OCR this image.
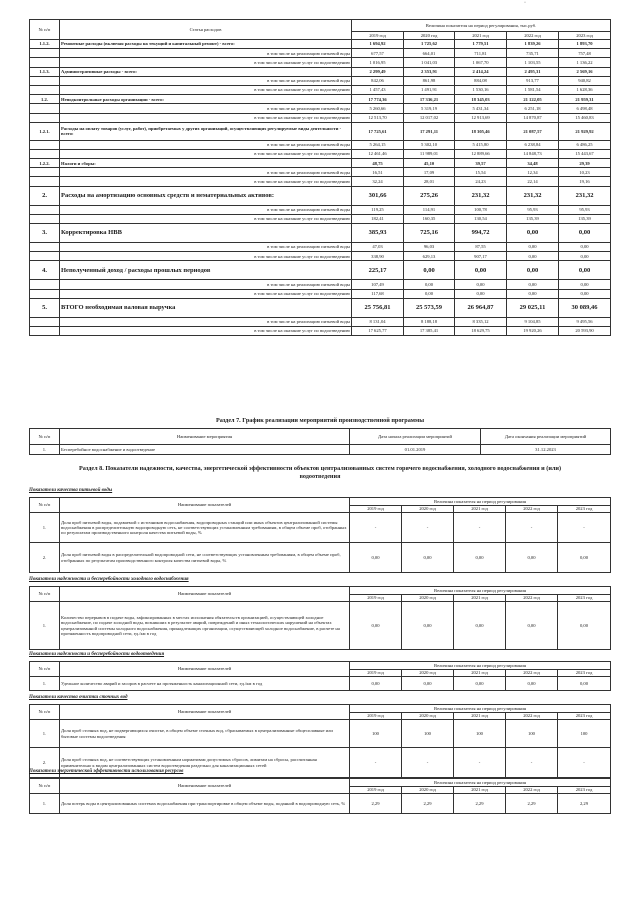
·
№ п/п	Статья расходов	Величина показателя на период регулирования, тыс.руб.				
		2019 год	2020 год	2021 год	2022 год	2023 год
1.1.2.	Ремонтные расходы (включая расходы на текущий и капитальный ремонт) - всего:	1 694,92	1 725,62	1 779,51	1 839,26	1 893,70
	в том числе на реализацию питьевой воды	677,57	664,01	711,81	735,71	757,48
	в том числе на оказание услуг по водоотведению	1 016,95	1 041,03	1 067,70	1 103,55	1 136,22
1.1.3.	Административные расходы - всего:	2 299,49	2 353,91	2 414,24	2 495,31	2 569,16
	в том числе на реализацию питьевой воды	842,06	861,98	884,08	913,77	940,82
	в том числе на оказание услуг по водоотведению	1 457,43	1 491,91	1 530,16	1 581,54	1 628,36
1.2.	Неподконтрольные расходы организации - всего:	17 774,36	17 336,21	18 345,03	21 122,05	21 959,31
	в том числе на реализацию питьевой воды	5 260,66	5 319,19	5 431,34	6 251,18	6 498,48
	в том числе на оказание услуг по водоотведению	12 513,70	12 017,02	12 913,69	14 870,87	15 460,83
1.2.1.	Расходы на оплату товаров (услуг, работ), приобретаемых у других организаций, осуществляющих регулируемые виды деятельности - всего:	17 725,61	17 291,11	18 305,46	21 087,57	21 929,92
	в том числе на реализацию питьевой воды	5 264,15	5 302,10	5 415,80	6 238,84	6 486,25
	в том числе на оказание услуг по водоотведению	12 461,46	11 989,01	12 889,66	14 848,73	15 443,67
1.2.2.	Налоги и сборы:	48,75	45,10	39,57	34,48	29,39
	в том числе на реализацию питьевой воды	16,51	17,09	15,54	12,34	10,23
	в том числе на оказание услуг по водоотведению	32,24	28,01	24,23	22,14	19,16
2.	Расходы на амортизацию основных средств и нематериальных активов:	301,66	275,26	231,32	231,32	231,32
	в том числе на реализацию питьевой воды	119,25	114,91	100,78	95,93	95,93
	в том числе на оказание услуг по водоотведению	182,41	160,35	130,54	135,39	135,39
3.	Корректировка НВВ	385,93	725,16	994,72	0,00	0,00
	в том числе на реализацию питьевой воды	47,03	96,03	87,55	0,00	0,00
	в том числе на оказание услуг по водоотведению	338,90	629,13	907,17	0,00	0,00
4.	Неполученный доход / расходы прошлых периодов	225,17	0,00	0,00	0,00	0,00
	в том числе на реализацию питьевой воды	107,49	0,00	0,00	0,00	0,00
	в том числе на оказание услуг по водоотведению	117,68	0,00	0,00	0,00	0,00
5.	ВТОГО необходимая валовая выручка	25 756,81	25 573,59	26 964,87	29 025,11	30 089,46
	в том числе на реализацию питьевой воды	8 131,04	8 188,18	8 335,12	9 104,85	9 495,56
	в том числе на оказание услуг по водоотведению	17 625,77	17 385,41	18 629,75	19 920,26	20 593,90
Раздел 7. График реализации мероприятий производственной программы
№ п/п	Наименование мероприятия	Дата начала реализации мероприятий	Дата окончания реализации мероприятий
1.	Бесперебойное водоснабжение и водоотведение	01.01.2019	31.12.2023
Раздел 8. Показатели надежности, качества, энергетической эффективности объектов централизованных систем горячего водоснабжения, холодного водоснабжения и (или) водоотведения
Показатели качества питьевой воды
№ п/п	Наименование показателей	Величина показателя на период регулирования				
		2019 год	2020 год	2021 год	2022 год	2023 год
1.	Доля проб питьевой воды, подаваемой с источников водоснабжения, водопроводных станций или иных объектов централизованной системы водоснабжения в распределительную водопроводную сеть, не соответствующих установленным требованиям, в общем объеме проб, отобранных по результатам производственного контроля качества питьевой воды, %	-	-	-	-	-
2.	Доля проб питьевой воды в распределительной водопроводной сети, не соответствующих установленным требованиям, в общем объеме проб, отобранных по результатам производственного контроля качества питьевой воды, %	0,00	0,00	0,00	0,00	0,00
Показатели надежности и бесперебойности холодного водоснабжения
№ п/п	Наименование показателей	Величина показателя на период регулирования				
		2019 год	2020 год	2021 год	2022 год	2023 год
1.	Количество перерывов в подаче воды, зафиксированных в местах исполнения обязательств организацией, осуществляющей холодное водоснабжение, по подаче холодной воды, возникших в результате аварий, повреждений и иных технологических нарушений на объектах централизованной системы холодного водоснабжения, принадлежащих организации, осуществляющей холодное водоснабжение, в расчете на протяженность водопроводной сети, ед./км в год	0,00	0,00	0,00	0,00	0,00
Показатели надежности и бесперебойности водоотведения
№ п/п	Наименование показателей	Величина показателя на период регулирования				
		2019 год	2020 год	2021 год	2022 год	2023 год
1.	Удельное количество аварий и засоров в расчете на протяженность канализационной сети, ед./км в год	0,00	0,00	0,00	0,00	0,00
Показатели качества очистки сточных вод
№ п/п	Наименование показателей	Величина показателя на период регулирования				
		2019 год	2020 год	2021 год	2022 год	2023 год
1.	Доля проб сточных вод, не подвергающихся очистке, в общем объеме сточных вод, сбрасываемых в централизованные общесплавные или бытовые системы водоотведения	100	100	100	100	100
2.	Доля проб сточных вод, не соответствующих установленным нормативам допустимых сбросов, лимитам на сбросы, рассчитанная применительно к видам централизованных систем водоотведения раздельно для канализационных сетей	-	-	-	-	-
Показатели энергетической эффективности использования ресурсов
№ п/п	Наименование показателей	Величина показателя на период регулирования				
		2019 год	2020 год	2021 год	2022 год	2023 год
1.	Доля потерь воды в централизованных системах водоснабжения при транспортировке в общем объеме воды, поданной в водопроводную сеть, %	2,29	2,29	2,29	2,29	2,29
